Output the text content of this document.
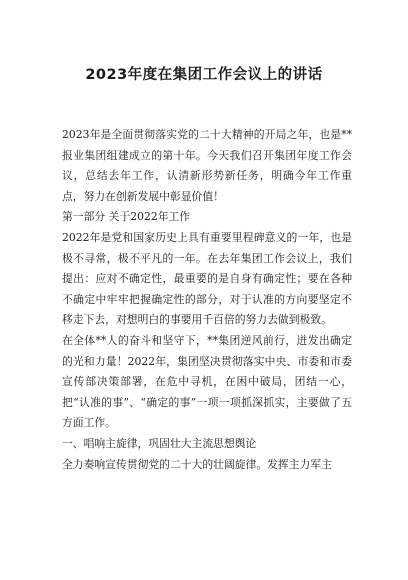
2023年度在集团工作会议上的讲话

2023年是全面贯彻落实党的二十大精神的开局之年，也是**报业集团组建成立的第十年。今天我们召开集团年度工作会议，总结去年工作，认清新形势新任务，明确今年工作重点，努力在创新发展中彰显价值！

第一部分 关于2022年工作

2022年是党和国家历史上具有重要里程碑意义的一年，也是极不寻常，极不平凡的一年。在去年集团工作会议上，我们提出：应对不确定性，最重要的是自身有确定性；要在各种不确定中牢牢把握确定性的部分，对于认准的方向要坚定不移走下去，对想明白的事要用千百倍的努力去做到极致。

在全体**人的奋斗和坚守下，**集团逆风前行，迸发出确定的光和力量！2022年，集团坚决贯彻落实中央、市委和市委宣传部决策部署，在危中寻机，在困中破局，团结一心，把“认准的事”、“确定的事”一项一项抓深抓实，主要做了五方面工作。

一、唱响主旋律，巩固壮大主流思想舆论

全力奏响宣传贯彻党的二十大的壮阔旋律。发挥主力军主
